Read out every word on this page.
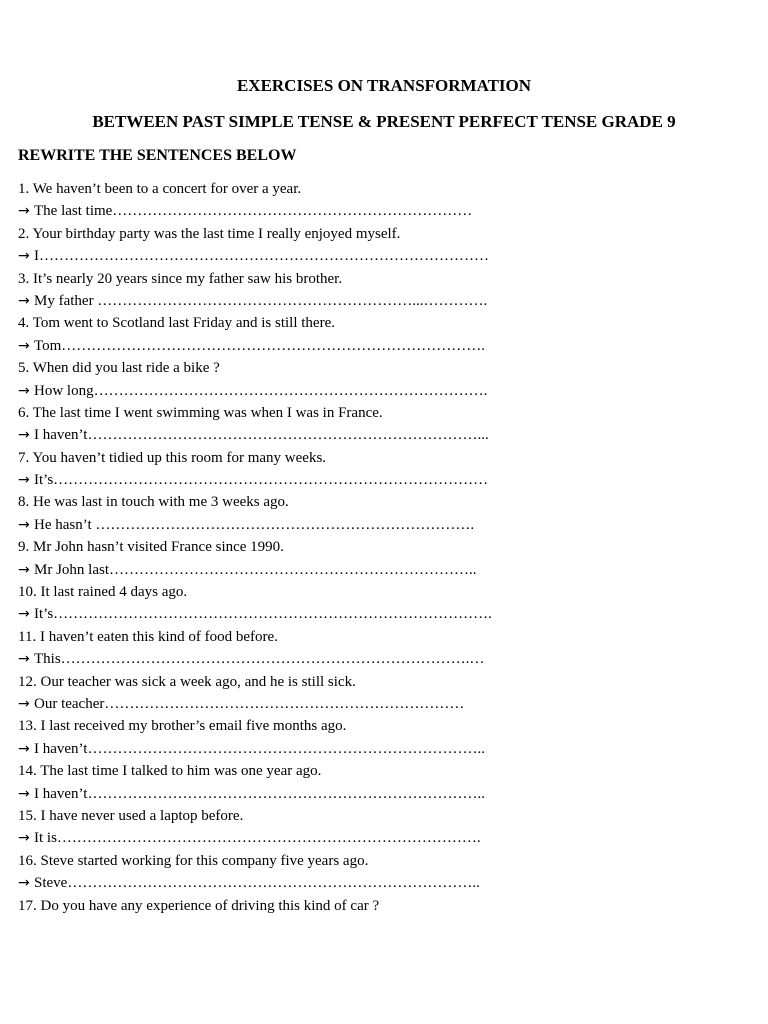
EXERCISES ON TRANSFORMATION
BETWEEN PAST SIMPLE TENSE & PRESENT PERFECT TENSE GRADE 9
REWRITE THE SENTENCES BELOW
1. We haven’t been to a concert for over a year.
→ The last time………………………………………………………………
2. Your birthday party was the last time I really enjoyed myself.
→ I………………………………………………………………………………
3. It’s nearly 20 years since my father saw his brother.
→ My father ………………………………………………………...………….
4. Tom went to Scotland last Friday and is still there.
→ Tom………………………………………………………………………….
5. When did you last ride a bike ?
→ How long…………………………………………………………………….
6. The last time I went swimming was when I was in France.
→ I haven’t……………………………………………………………………...
7. You haven’t tidied up this room for many weeks.
→ It’s……………………………………………………………………………
8. He was last in touch with me 3 weeks ago.
→ He hasn’t ………………………………………………………………….
9. Mr John hasn’t visited France since 1990.
→ Mr John last………………………………………………………………..
10. It last rained 4 days ago.
→ It’s…………………………………………………………………………….
11. I haven’t eaten this kind of food before.
→ This……………………………………………………………………….…
12. Our teacher was sick a week ago, and he is still sick.
→ Our teacher………………………………………………………………
13. I last received my brother’s email five months ago.
→ I haven’t……………………………………………………………………..
14. The last time I talked to him was one year ago.
→ I haven’t……………………………………………………………………..
15. I have never used a laptop before.
→ It is………………………………………………………………………….
16. Steve started working for this company five years ago.
→ Steve………………………………………………………………………..
17. Do you have any experience of driving this kind of car ?
